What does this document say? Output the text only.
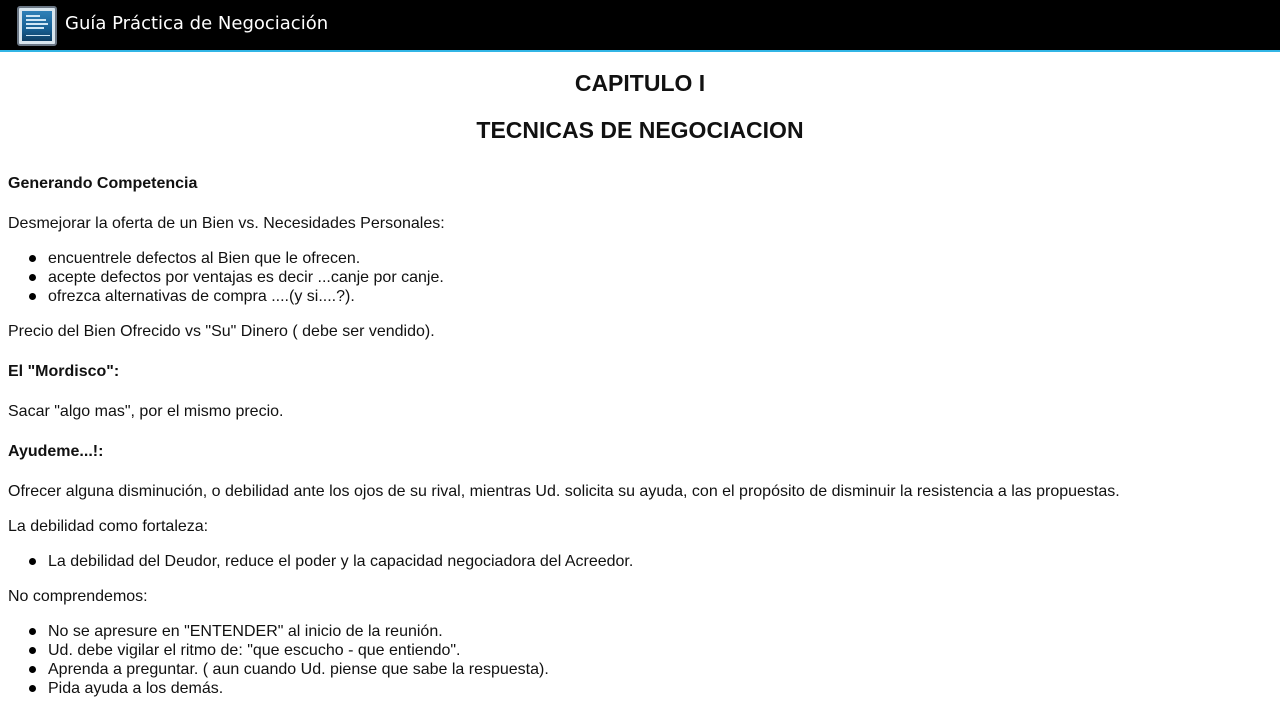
Guía Práctica de Negociación
CAPITULO I
TECNICAS DE NEGOCIACION
Generando Competencia
Desmejorar la oferta de un Bien vs. Necesidades Personales:
encuentrele defectos al Bien que le ofrecen.
acepte defectos por ventajas es decir ...canje por canje.
ofrezca alternativas de compra ....(y si....?).
Precio del Bien Ofrecido vs "Su" Dinero ( debe ser vendido).
El "Mordisco":
Sacar "algo mas", por el mismo precio.
Ayudeme...!:
Ofrecer alguna disminución, o debilidad ante los ojos de su rival, mientras Ud. solicita su ayuda, con el propósito de disminuir la resistencia a las propuestas.
La debilidad como fortaleza:
La debilidad del Deudor, reduce el poder y la capacidad negociadora del Acreedor.
No comprendemos:
No se apresure en "ENTENDER" al inicio de la reunión.
Ud. debe vigilar el ritmo de: "que escucho - que entiendo".
Aprenda a preguntar. ( aun cuando Ud. piense que sabe la respuesta).
Pida ayuda a los demás.
